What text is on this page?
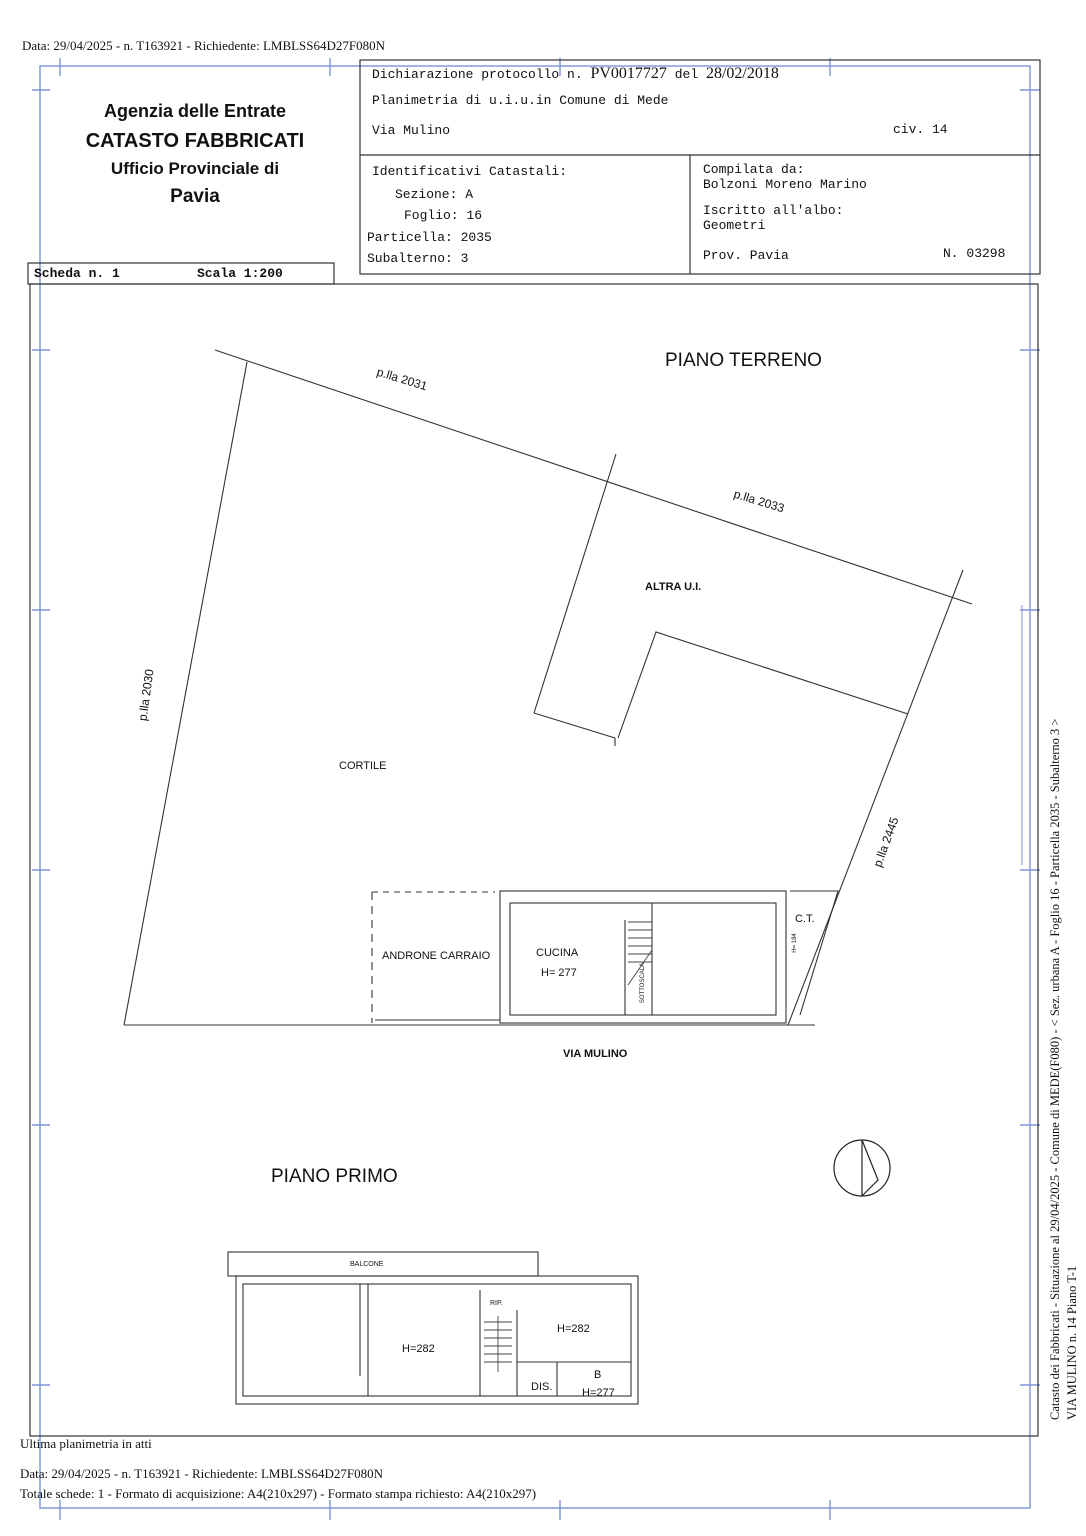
Data: 29/04/2025 - n. T163921 - Richiedente: LMBLSS64D27F080N
Agenzia delle Entrate
CATASTO FABBRICATI
Ufficio Provinciale di
Pavia
Dichiarazione protocollo n. PV0017727 del 28/02/2018
Planimetria di u.i.u.in Comune di Mede
Via Mulino	civ. 14
Identificativi Catastali:
Sezione: A
Foglio: 16
Particella: 2035
Subalterno: 3
Compilata da:
Bolzoni Moreno Marino
Iscritto all'albo:
Geometri
Prov. Pavia	N. 03298
Scheda n. 1	Scala 1:200
PIANO TERRENO
p.lla 2031
p.lla 2033
p.lla 2030
p.lla 2445
ALTRA U.I.
CORTILE
ANDRONE CARRAIO	CUCINA
H= 277	SOTTOSCALA
C.T.
H= 184
VIA MULINO
PIANO PRIMO
BALCONE
RIP.
H=282
H=282
DIS.
B
H=277
Ultima planimetria in atti
Data: 29/04/2025 - n. T163921 - Richiedente: LMBLSS64D27F080N
Totale schede: 1 - Formato di acquisizione: A4(210x297) - Formato stampa richiesto: A4(210x297)
Catasto dei Fabbricati - Situazione al 29/04/2025 - Comune di MEDE(F080) - < Sez. urbana A - Foglio 16 - Particella 2035 - Subalterno 3 > VIA MULINO n. 14 Piano T-1
